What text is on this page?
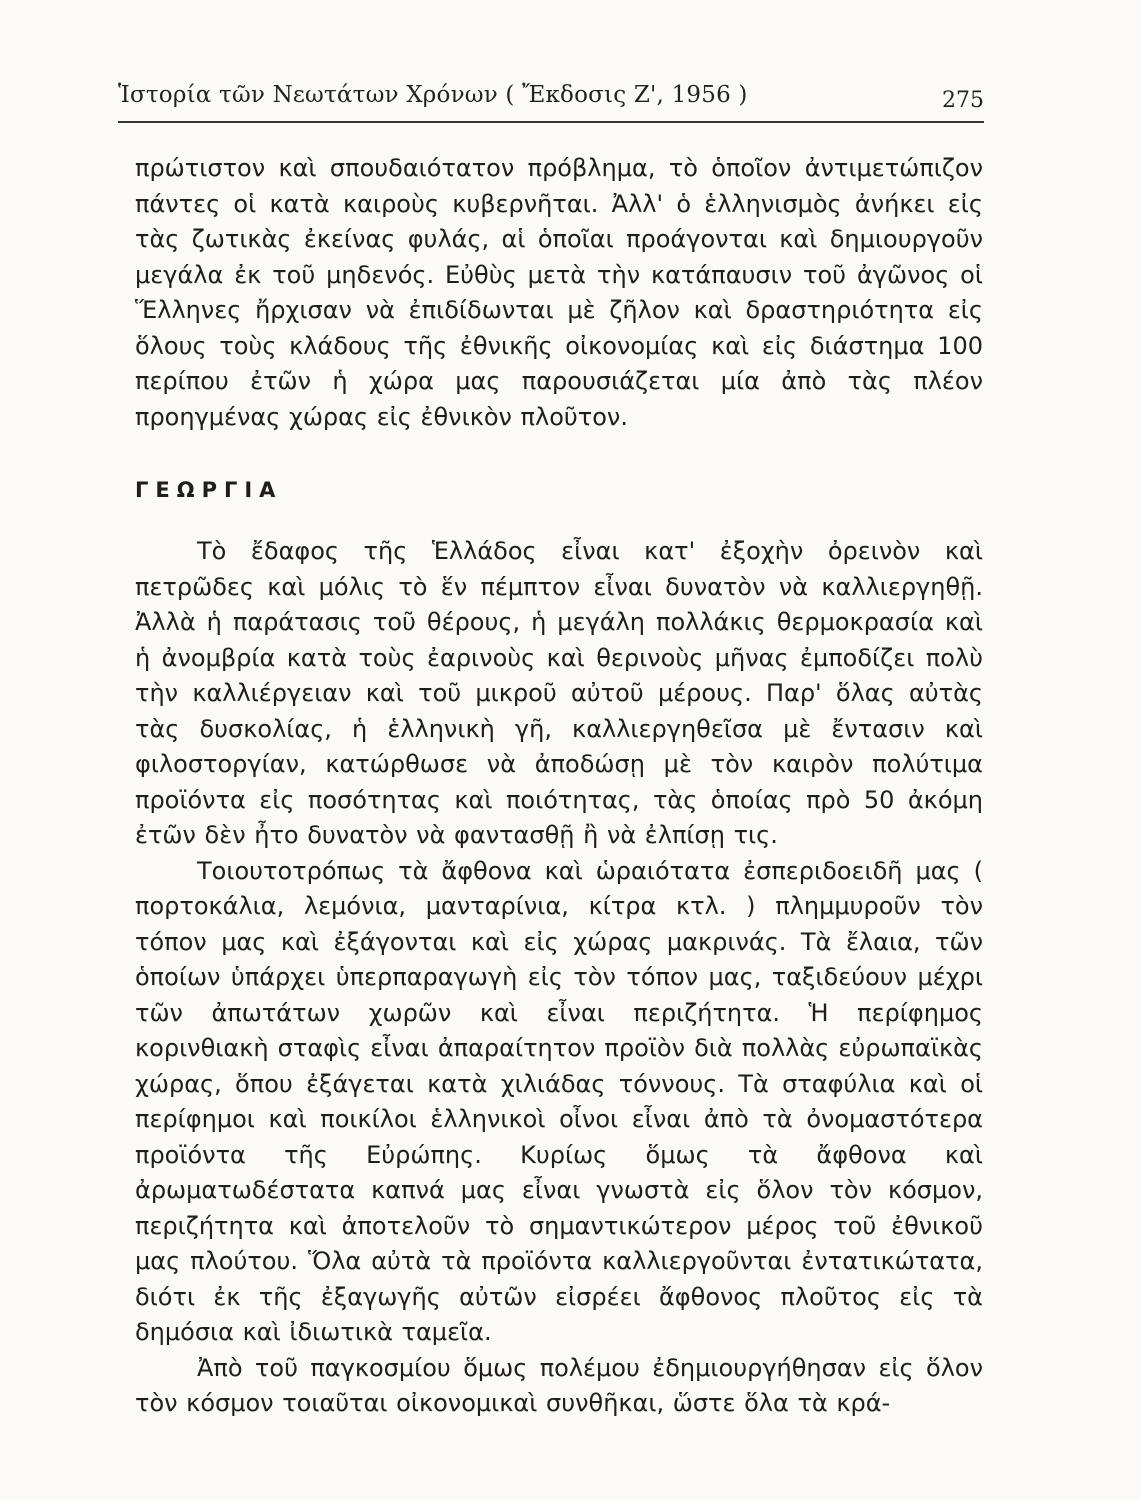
Ἱστορία τῶν Νεωτάτων Χρόνων ( Ἔκδοσις Ζ', 1956 )	275

πρώτιστον καὶ σπουδαιότατον πρόβλημα, τὸ ὁποῖον ἀντιμετώπιζον πάντες οἱ κατὰ καιροὺς κυβερνῆται. Ἀλλ' ὁ ἑλληνισμὸς ἀνήκει εἰς τὰς ζωτικὰς ἐκείνας φυλάς, αἱ ὁποῖαι προάγονται καὶ δημιουργοῦν μεγάλα ἐκ τοῦ μηδενός. Εὐθὺς μετὰ τὴν κατάπαυσιν τοῦ ἀγῶνος οἱ Ἕλληνες ἤρχισαν νὰ ἐπιδίδωνται μὲ ζῆλον καὶ δραστηριότητα εἰς ὅλους τοὺς κλάδους τῆς ἐθνικῆς οἰκονομίας καὶ εἰς διάστημα 100 περίπου ἐτῶν ἡ χώρα μας παρουσιάζεται μία ἀπὸ τὰς πλέον προηγμένας χώρας εἰς ἐθνικὸν πλοῦτον.

ΓΕΩΡΓΙΑ

Τὸ ἔδαφος τῆς Ἑλλάδος εἶναι κατ' ἐξοχὴν ὀρεινὸν καὶ πετρῶδες καὶ μόλις τὸ ἕν πέμπτον εἶναι δυνατὸν νὰ καλλιεργηθῇ. Ἀλλὰ ἡ παράτασις τοῦ θέρους, ἡ μεγάλη πολλάκις θερμοκρασία καὶ ἡ ἀνομβρία κατὰ τοὺς ἐαρινοὺς καὶ θερινοὺς μῆνας ἐμποδίζει πολὺ τὴν καλλιέργειαν καὶ τοῦ μικροῦ αὐτοῦ μέρους. Παρ' ὅλας αὐτὰς τὰς δυσκολίας, ἡ ἑλληνικὴ γῆ, καλλιεργηθεῖσα μὲ ἔντασιν καὶ φιλοστοργίαν, κατώρθωσε νὰ ἀποδώσῃ μὲ τὸν καιρὸν πολύτιμα προϊόντα εἰς ποσότητας καὶ ποιότητας, τὰς ὁποίας πρὸ 50 ἀκόμη ἐτῶν δὲν ἦτο δυνατὸν νὰ φαντασθῇ ἢ νὰ ἐλπίσῃ τις.

Τοιουτοτρόπως τὰ ἄφθονα καὶ ὡραιότατα ἐσπεριδοειδῆ μας ( πορτοκάλια, λεμόνια, μανταρίνια, κίτρα κτλ. ) πλημμυροῦν τὸν τόπον μας καὶ ἐξάγονται καὶ εἰς χώρας μακρινάς. Τὰ ἔλαια, τῶν ὁποίων ὑπάρχει ὑπερπαραγωγὴ εἰς τὸν τόπον μας, ταξιδεύουν μέχρι τῶν ἀπωτάτων χωρῶν καὶ εἶναι περιζήτητα. Ἡ περίφημος κορινθιακὴ σταφὶς εἶναι ἀπαραίτητον προϊὸν διὰ πολλὰς εὐρωπαϊκὰς χώρας, ὅπου ἐξάγεται κατὰ χιλιάδας τόννους. Τὰ σταφύλια καὶ οἱ περίφημοι καὶ ποικίλοι ἑλληνικοὶ οἶνοι εἶναι ἀπὸ τὰ ὀνομαστότερα προϊόντα τῆς Εὐρώπης. Κυρίως ὅμως τὰ ἄφθονα καὶ ἀρωματωδέστατα καπνά μας εἶναι γνωστὰ εἰς ὅλον τὸν κόσμον, περιζήτητα καὶ ἀποτελοῦν τὸ σημαντικώτερον μέρος τοῦ ἐθνικοῦ μας πλούτου. Ὅλα αὐτὰ τὰ προϊόντα καλλιεργοῦνται ἐντατικώτατα, διότι ἐκ τῆς ἐξαγωγῆς αὐτῶν εἰσρέει ἄφθονος πλοῦτος εἰς τὰ δημόσια καὶ ἰδιωτικὰ ταμεῖα.

Ἀπὸ τοῦ παγκοσμίου ὅμως πολέμου ἐδημιουργήθησαν εἰς ὅλον τὸν κόσμον τοιαῦται οἰκονομικαὶ συνθῆκαι, ὥστε ὅλα τὰ κρά-
